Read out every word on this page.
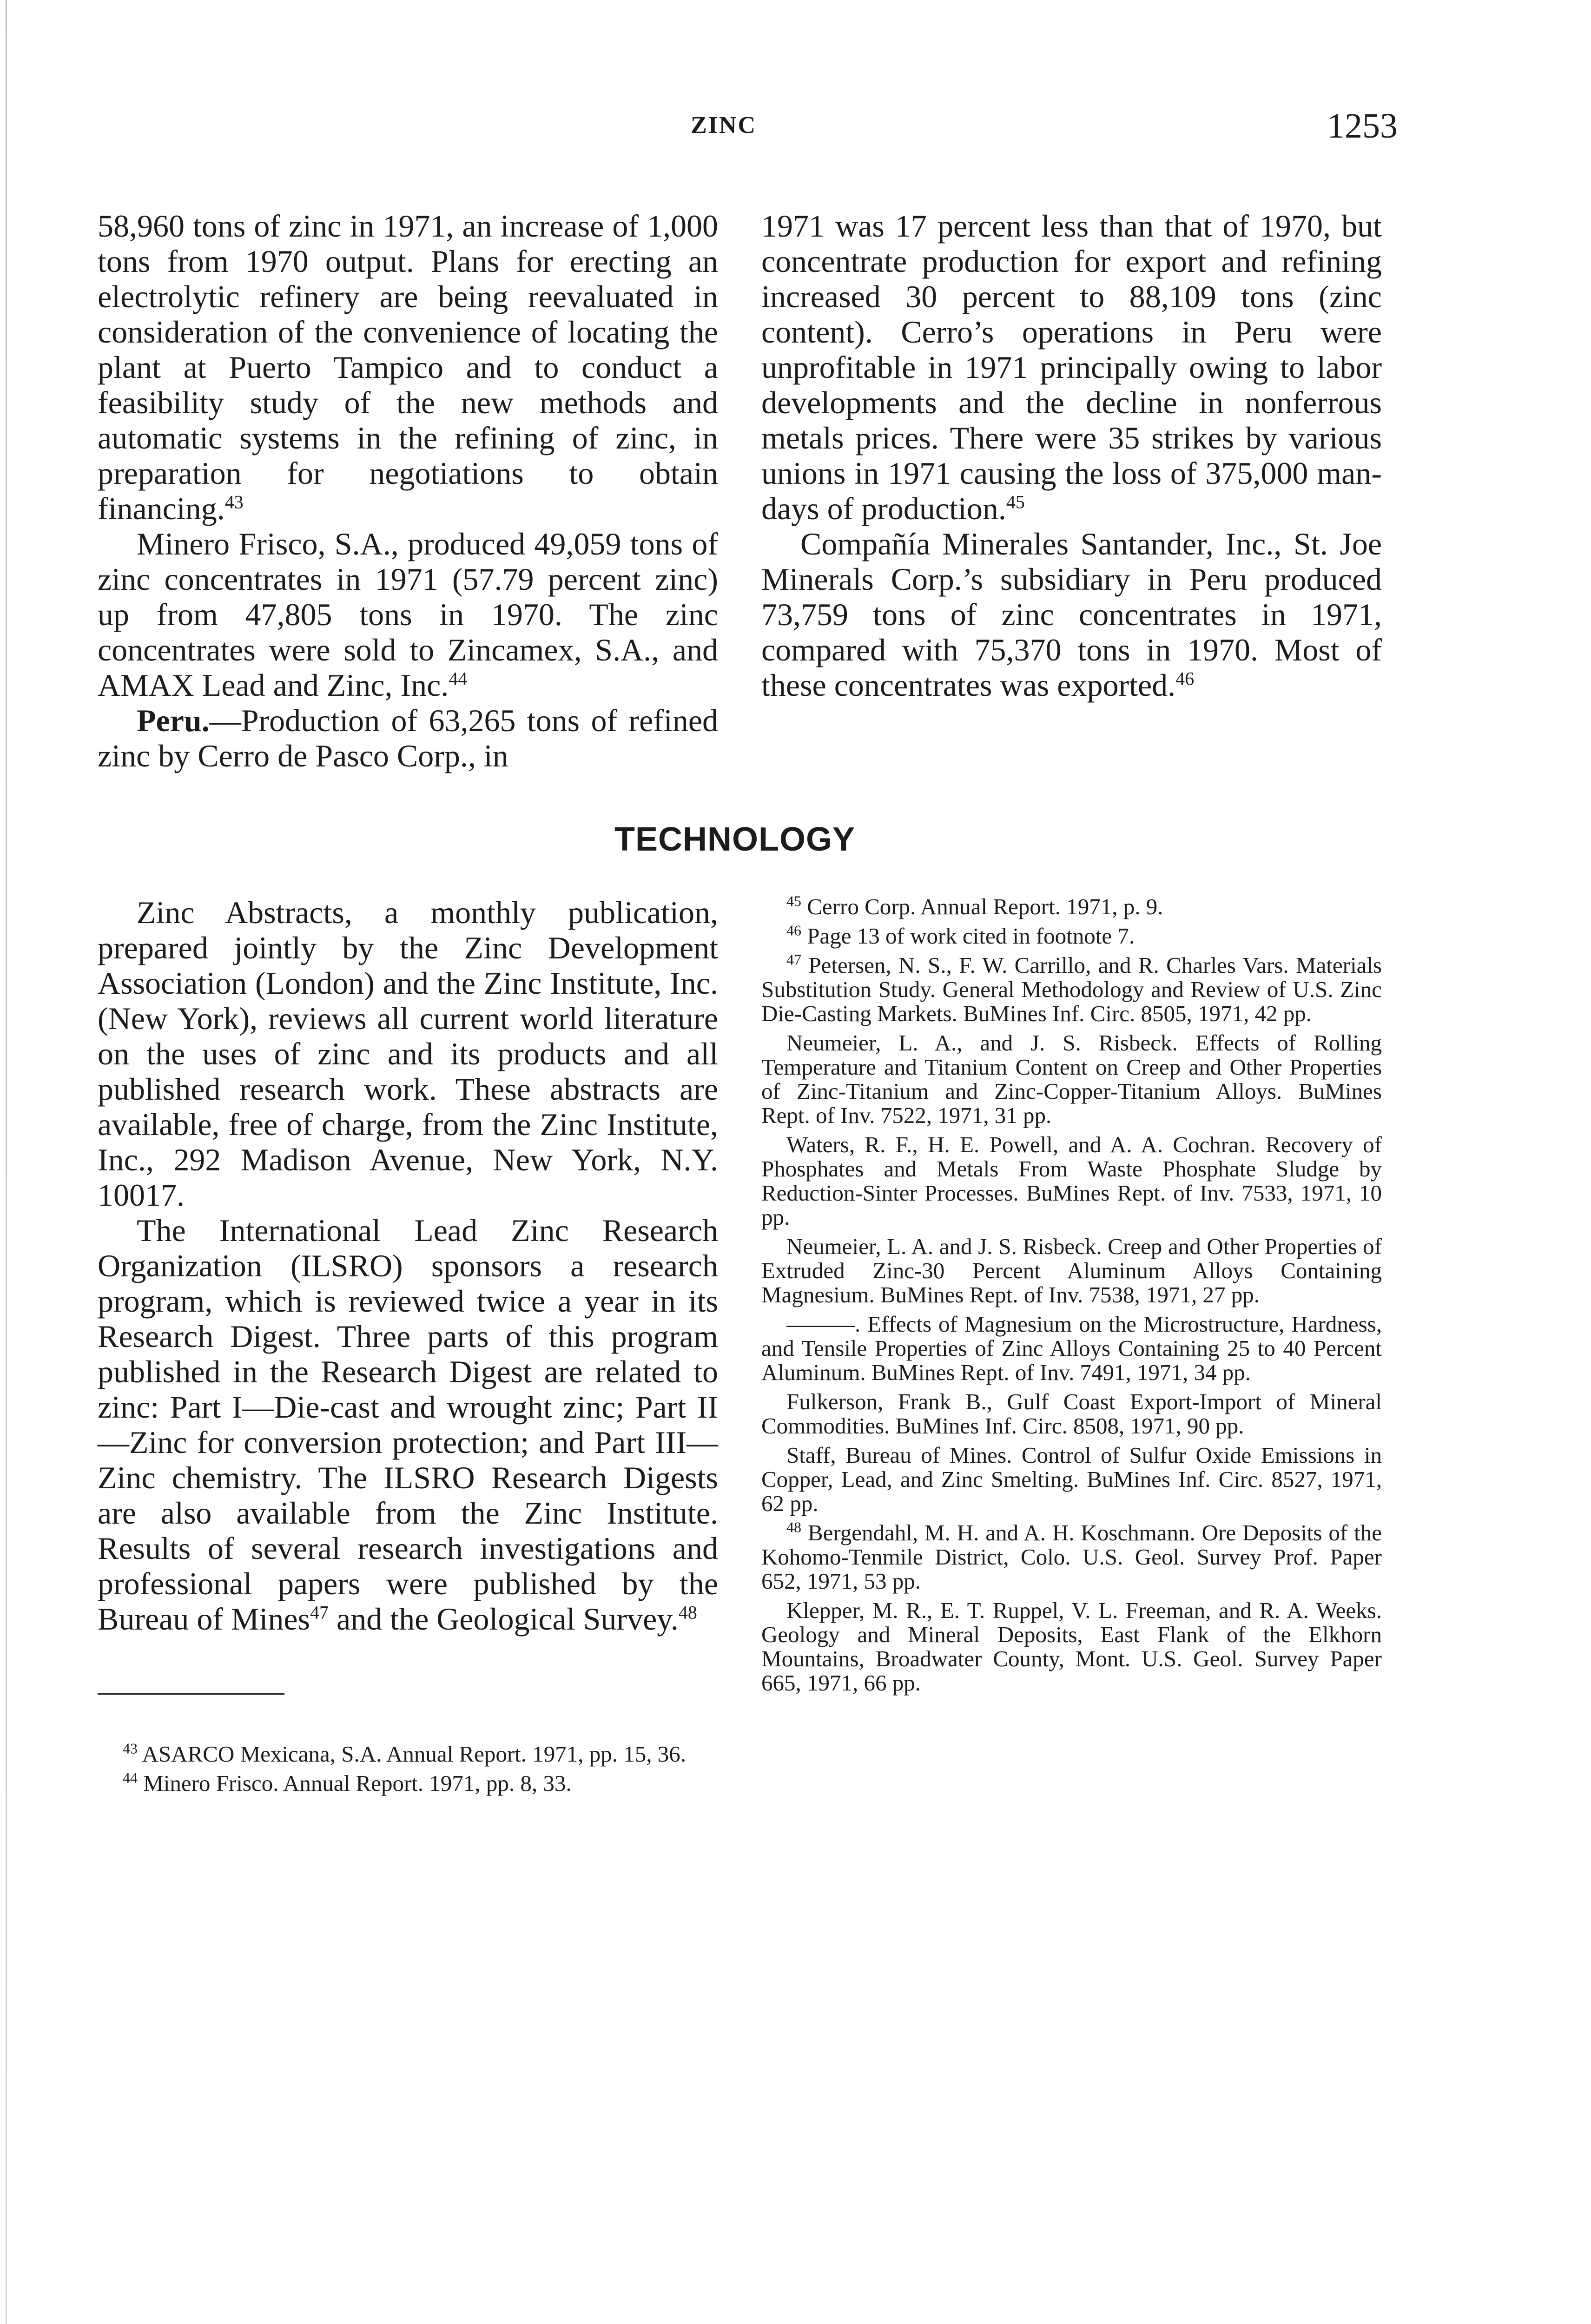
ZINC	1253

58,960 tons of zinc in 1971, an increase of 1,000 tons from 1970 output. Plans for erecting an electrolytic refinery are being reevaluated in consideration of the convenience of locating the plant at Puerto Tampico and to conduct a feasibility study of the new methods and automatic systems in the refining of zinc, in preparation for negotiations to obtain financing.$^{43}$

Minero Frisco, S.A., produced 49,059 tons of zinc concentrates in 1971 (57.79 percent zinc) up from 47,805 tons in 1970. The zinc concentrates were sold to Zincamex, S.A., and AMAX Lead and Zinc, Inc.$^{44}$

Peru.—Production of 63,265 tons of refined zinc by Cerro de Pasco Corp., in

1971 was 17 percent less than that of 1970, but concentrate production for export and refining increased 30 percent to 88,109 tons (zinc content). Cerro’s operations in Peru were unprofitable in 1971 principally owing to labor developments and the decline in nonferrous metals prices. There were 35 strikes by various unions in 1971 causing the loss of 375,000 man-days of production.$^{45}$

Compañía Minerales Santander, Inc., St. Joe Minerals Corp.’s subsidiary in Peru produced 73,759 tons of zinc concentrates in 1971, compared with 75,370 tons in 1970. Most of these concentrates was exported.$^{46}$

TECHNOLOGY

Zinc Abstracts, a monthly publication, prepared jointly by the Zinc Development Association (London) and the Zinc Institute, Inc. (New York), reviews all current world literature on the uses of zinc and its products and all published research work. These abstracts are available, free of charge, from the Zinc Institute, Inc., 292 Madison Avenue, New York, N.Y. 10017.

The International Lead Zinc Research Organization (ILSRO) sponsors a research program, which is reviewed twice a year in its Research Digest. Three parts of this program published in the Research Digest are related to zinc: Part I—Die-cast and wrought zinc; Part II—Zinc for conversion protection; and Part III—Zinc chemistry. The ILSRO Research Digests are also available from the Zinc Institute. Results of several research investigations and professional papers were published by the Bureau of Mines$^{47}$ and the Geological Survey.$^{48}$

$^{43}$ ASARCO Mexicana, S.A. Annual Report. 1971, pp. 15, 36.

$^{44}$ Minero Frisco. Annual Report. 1971, pp. 8, 33.

$^{45}$ Cerro Corp. Annual Report. 1971, p. 9.

$^{46}$ Page 13 of work cited in footnote 7.

$^{47}$ Petersen, N. S., F. W. Carrillo, and R. Charles Vars. Materials Substitution Study. General Methodology and Review of U.S. Zinc Die-Casting Markets. BuMines Inf. Circ. 8505, 1971, 42 pp.

Neumeier, L. A., and J. S. Risbeck. Effects of Rolling Temperature and Titanium Content on Creep and Other Properties of Zinc-Titanium and Zinc-Copper-Titanium Alloys. BuMines Rept. of Inv. 7522, 1971, 31 pp.

Waters, R. F., H. E. Powell, and A. A. Cochran. Recovery of Phosphates and Metals From Waste Phosphate Sludge by Reduction-Sinter Processes. BuMines Rept. of Inv. 7533, 1971, 10 pp.

Neumeier, L. A. and J. S. Risbeck. Creep and Other Properties of Extruded Zinc-30 Percent Aluminum Alloys Containing Magnesium. BuMines Rept. of Inv. 7538, 1971, 27 pp.

———. Effects of Magnesium on the Microstructure, Hardness, and Tensile Properties of Zinc Alloys Containing 25 to 40 Percent Aluminum. BuMines Rept. of Inv. 7491, 1971, 34 pp.

Fulkerson, Frank B., Gulf Coast Export-Import of Mineral Commodities. BuMines Inf. Circ. 8508, 1971, 90 pp.

Staff, Bureau of Mines. Control of Sulfur Oxide Emissions in Copper, Lead, and Zinc Smelting. BuMines Inf. Circ. 8527, 1971, 62 pp.

$^{48}$ Bergendahl, M. H. and A. H. Koschmann. Ore Deposits of the Kohomo-Tenmile District, Colo. U.S. Geol. Survey Prof. Paper 652, 1971, 53 pp.

Klepper, M. R., E. T. Ruppel, V. L. Freeman, and R. A. Weeks. Geology and Mineral Deposits, East Flank of the Elkhorn Mountains, Broadwater County, Mont. U.S. Geol. Survey Paper 665, 1971, 66 pp.
